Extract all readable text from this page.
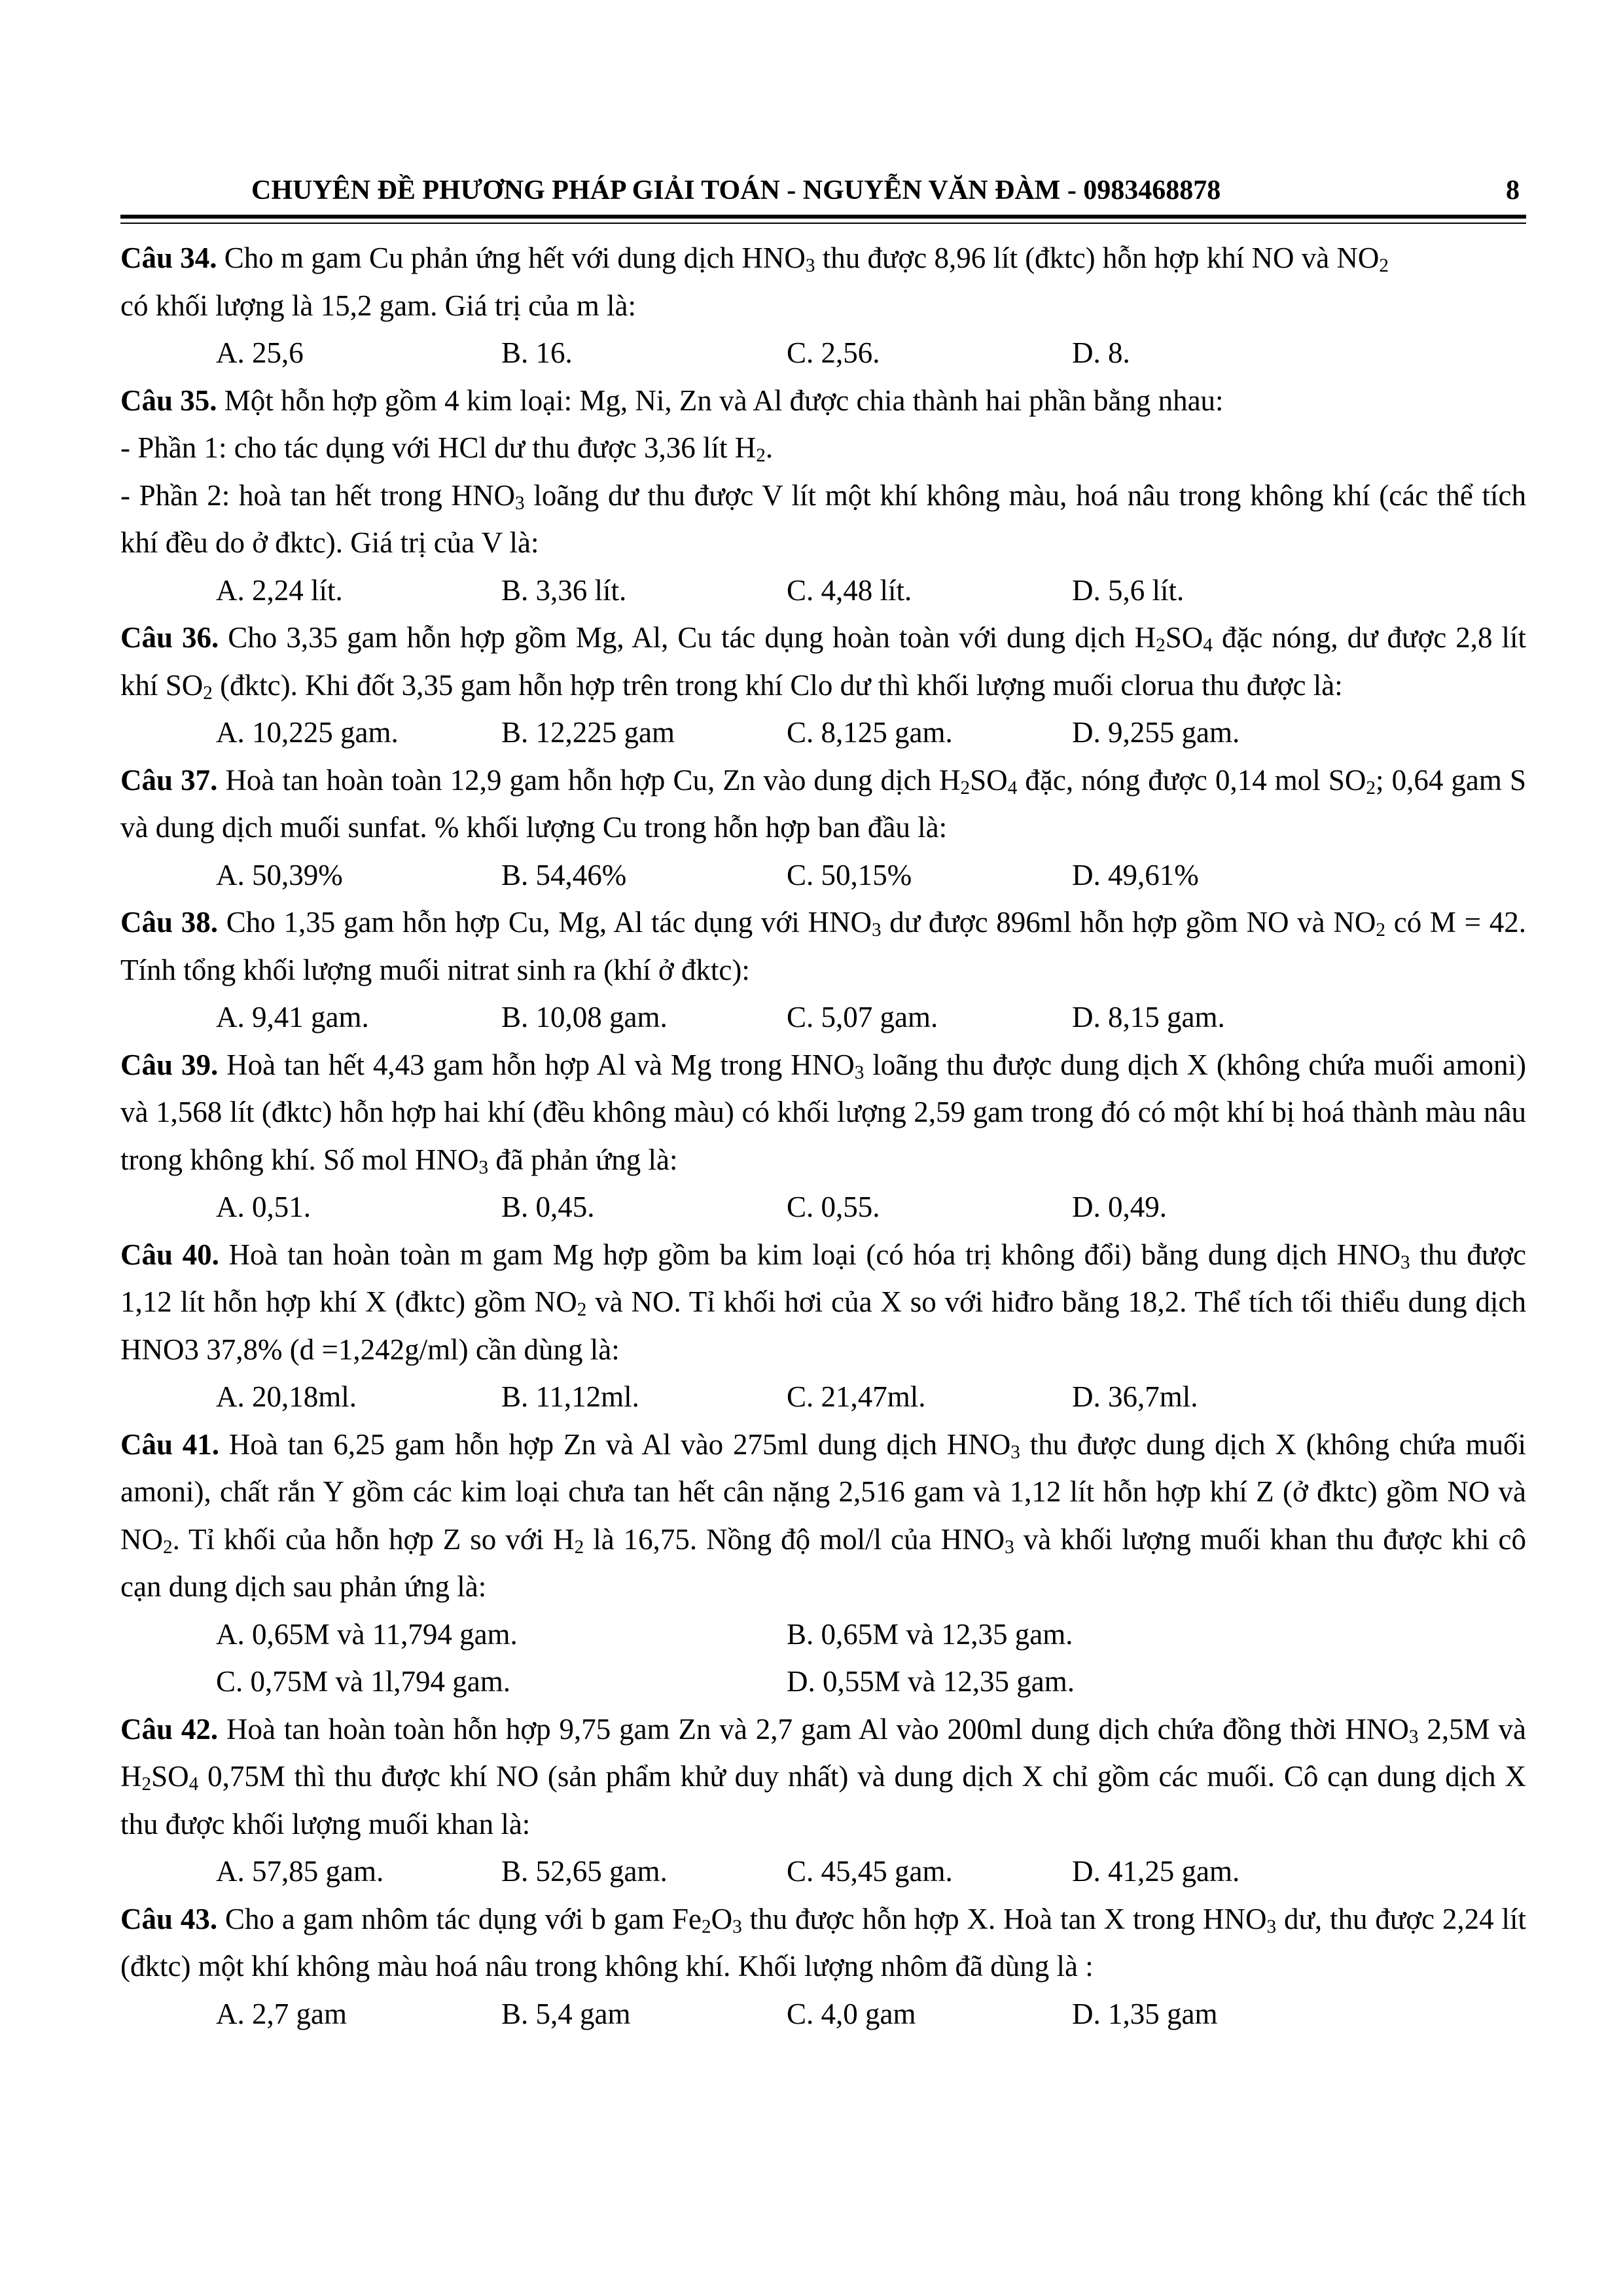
CHUYÊN ĐỀ PHƯƠNG PHÁP GIẢI TOÁN - NGUYỄN VĂN ĐÀM - 0983468878	8

Câu 34. Cho m gam Cu phản ứng hết với dung dịch $HNO_3$ thu được 8,96 lít (đktc) hỗn hợp khí NO và $NO_2$

có khối lượng là 15,2 gam. Giá trị của m là:

A. 25,6	B. 16.	C. 2,56.	D. 8.

Câu 35. Một hỗn hợp gồm 4 kim loại: Mg, Ni, Zn và Al được chia thành hai phần bằng nhau:

- Phần 1: cho tác dụng với HCl dư thu được 3,36 lít $H_2$.

- Phần 2: hoà tan hết trong $HNO_3$ loãng dư thu được V lít một khí không màu, hoá nâu trong không khí (các thể tích khí đều do ở đktc). Giá trị của V là:

A. 2,24 lít.	B. 3,36 lít.	C. 4,48 lít.	D. 5,6 lít.

Câu 36. Cho 3,35 gam hỗn hợp gồm Mg, Al, Cu tác dụng hoàn toàn với dung dịch $H_2SO_4$ đặc nóng, dư được 2,8 lít khí $SO_2$ (đktc). Khi đốt 3,35 gam hỗn hợp trên trong khí Clo dư thì khối lượng muối clorua thu được là:

A. 10,225 gam.	B. 12,225 gam	C. 8,125 gam.	D. 9,255 gam.

Câu 37. Hoà tan hoàn toàn 12,9 gam hỗn hợp Cu, Zn vào dung dịch $H_2SO_4$ đặc, nóng được 0,14 mol $SO_2$; 0,64 gam S và dung dịch muối sunfat. % khối lượng Cu trong hỗn hợp ban đầu là:

A. 50,39%	B. 54,46%	C. 50,15%	D. 49,61%

Câu 38. Cho 1,35 gam hỗn hợp Cu, Mg, Al tác dụng với $HNO_3$ dư được 896ml hỗn hợp gồm NO và $NO_2$ có M = 42. Tính tổng khối lượng muối nitrat sinh ra (khí ở đktc):

A. 9,41 gam.	B. 10,08 gam.	C. 5,07 gam.	D. 8,15 gam.

Câu 39. Hoà tan hết 4,43 gam hỗn hợp Al và Mg trong $HNO_3$ loãng thu được dung dịch X (không chứa muối amoni) và 1,568 lít (đktc) hỗn hợp hai khí (đều không màu) có khối lượng 2,59 gam trong đó có một khí bị hoá thành màu nâu trong không khí. Số mol $HNO_3$ đã phản ứng là:

A. 0,51.	B. 0,45.	C. 0,55.	D. 0,49.

Câu 40. Hoà tan hoàn toàn m gam Mg hợp gồm ba kim loại (có hóa trị không đổi) bằng dung dịch $HNO_3$ thu được 1,12 lít hỗn hợp khí X (đktc) gồm $NO_2$ và NO. Tỉ khối hơi của X so với hiđro bằng 18,2. Thể tích tối thiểu dung dịch HNO3 37,8% (d =1,242g/ml) cần dùng là:

A. 20,18ml.	B. 11,12ml.	C. 21,47ml.	D. 36,7ml.

Câu 41. Hoà tan 6,25 gam hỗn hợp Zn và Al vào 275ml dung dịch $HNO_3$ thu được dung dịch X (không chứa muối amoni), chất rắn Y gồm các kim loại chưa tan hết cân nặng 2,516 gam và 1,12 lít hỗn hợp khí Z (ở đktc) gồm NO và $NO_2$. Tỉ khối của hỗn hợp Z so với $H_2$ là 16,75. Nồng độ mol/l của $HNO_3$ và khối lượng muối khan thu được khi cô cạn dung dịch sau phản ứng là:

A. 0,65M và 11,794 gam.	B. 0,65M và 12,35 gam.
C. 0,75M và 1l,794 gam.	D. 0,55M và 12,35 gam.

Câu 42. Hoà tan hoàn toàn hỗn hợp 9,75 gam Zn và 2,7 gam Al vào 200ml dung dịch chứa đồng thời $HNO_3$ 2,5M và $H_2SO_4$ 0,75M thì thu được khí NO (sản phẩm khử duy nhất) và dung dịch X chỉ gồm các muối. Cô cạn dung dịch X thu được khối lượng muối khan là:

A. 57,85 gam.	B. 52,65 gam.	C. 45,45 gam.	D. 41,25 gam.

Câu 43. Cho a gam nhôm tác dụng với b gam $Fe_2O_3$ thu được hỗn hợp X. Hoà tan X trong $HNO_3$ dư, thu được 2,24 lít (đktc) một khí không màu hoá nâu trong không khí. Khối lượng nhôm đã dùng là :

A. 2,7 gam	B. 5,4 gam	C. 4,0 gam	D. 1,35 gam
